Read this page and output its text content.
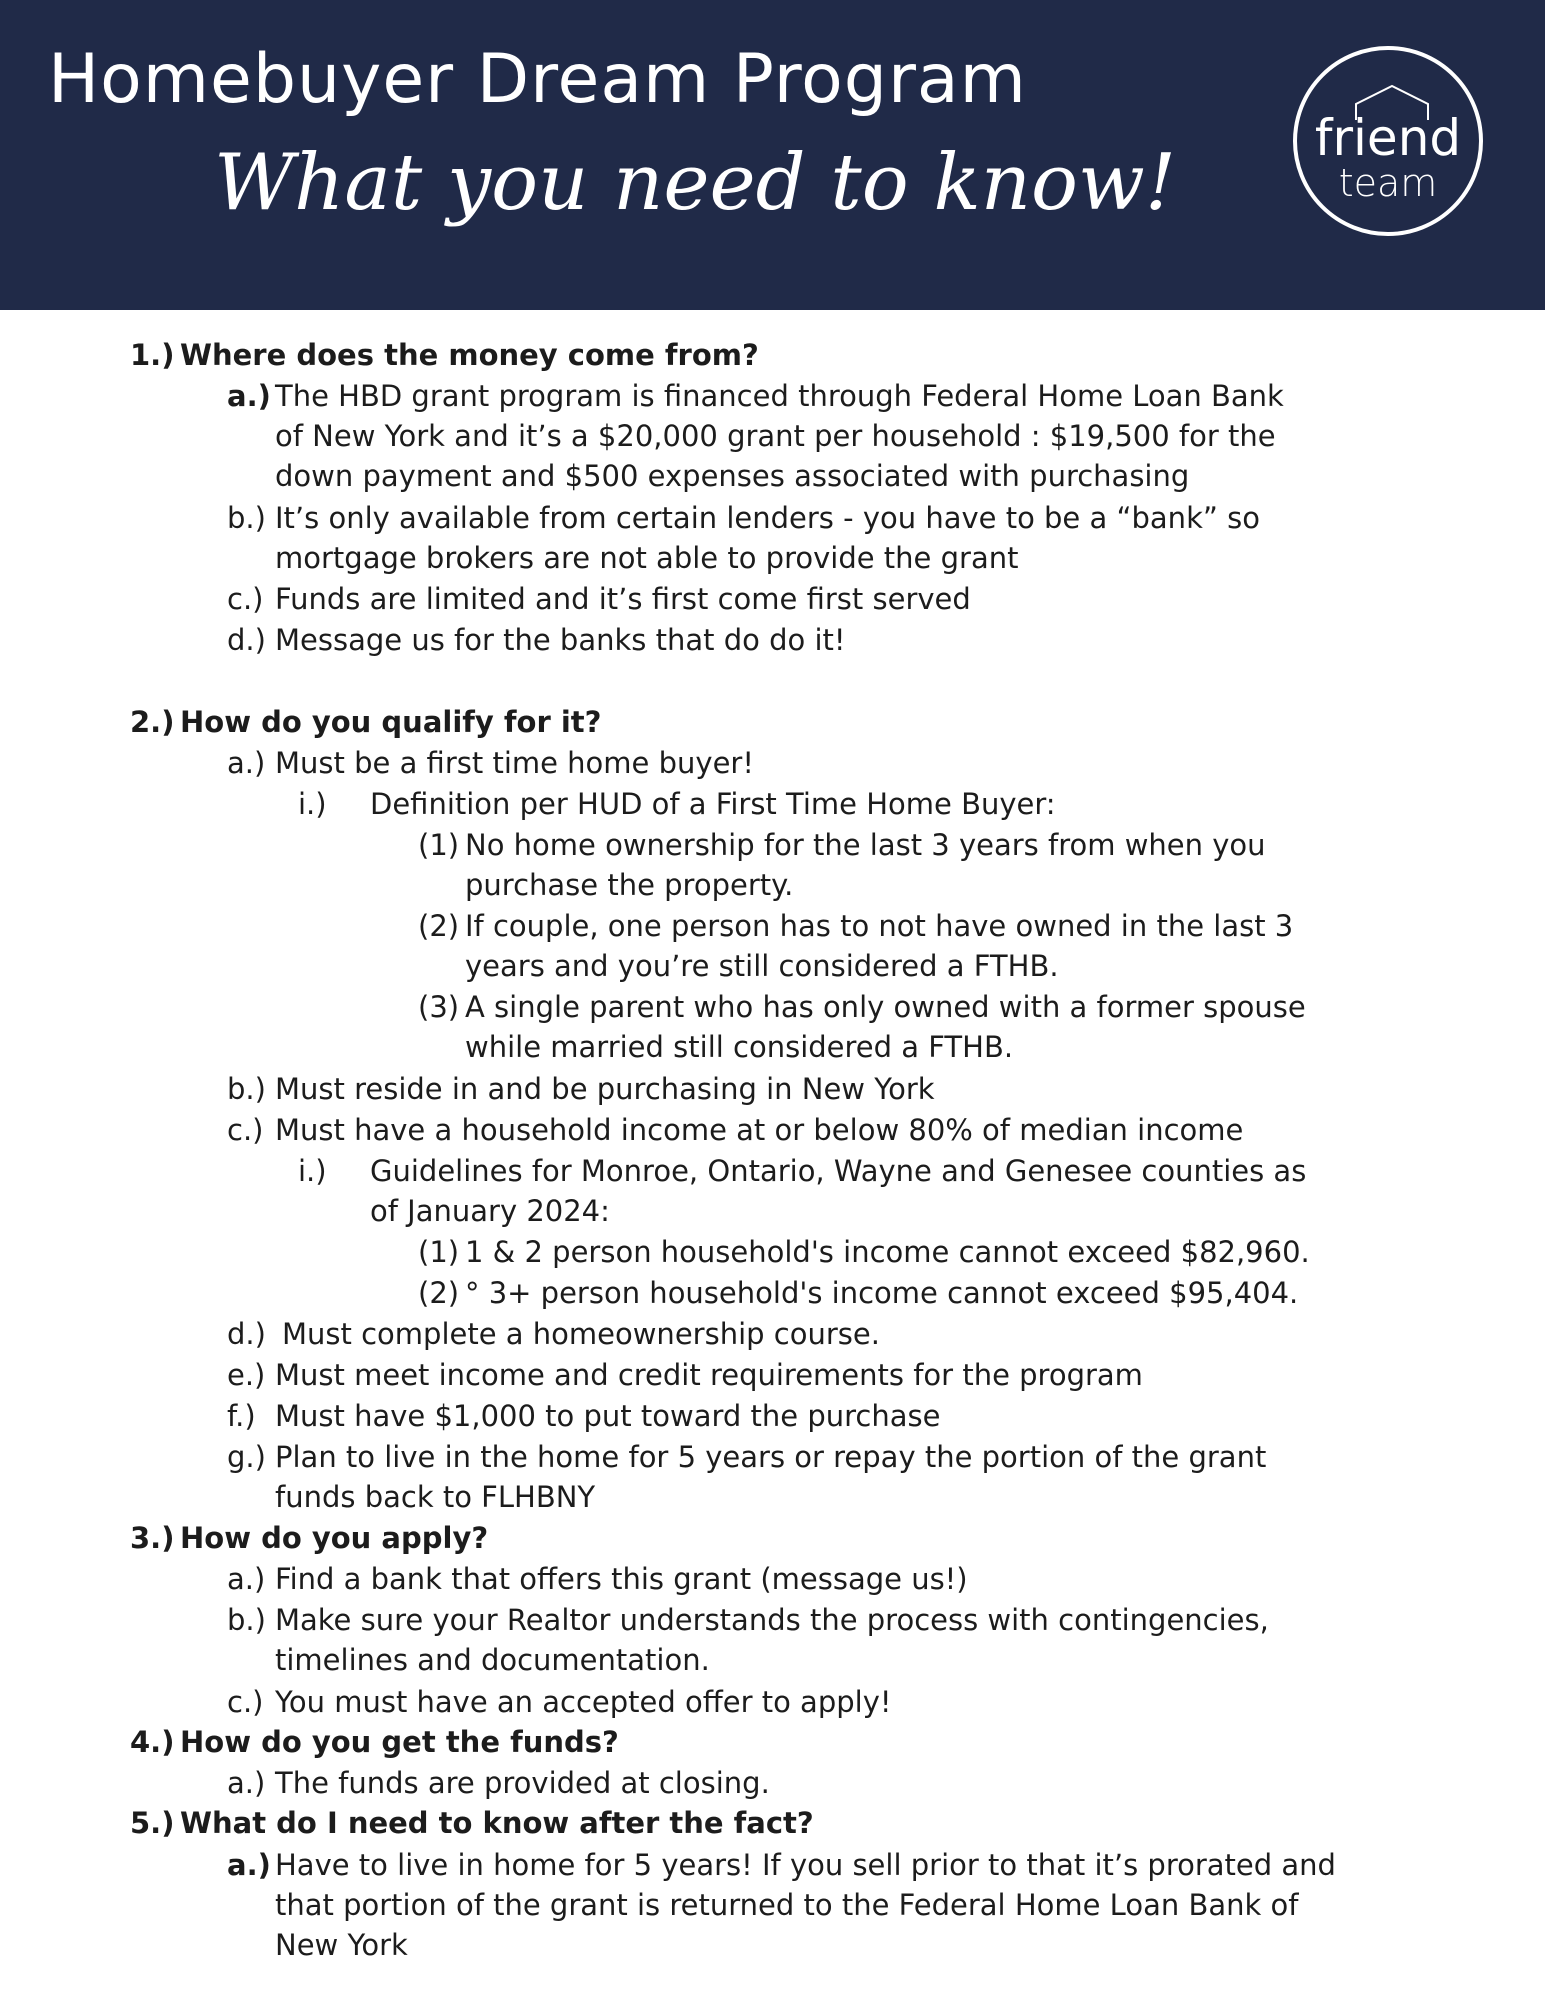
Homebuyer Dream Program
What you need to know!	friend
team
1.) Where does the money come from?
a.) The HBD grant program is financed through Federal Home Loan Bank
of New York and it’s a $20,000 grant per household : $19,500 for the
down payment and $500 expenses associated with purchasing
b.) It’s only available from certain lenders - you have to be a “bank” so
mortgage brokers are not able to provide the grant
c.) Funds are limited and it’s first come first served
d.) Message us for the banks that do do it!
2.) How do you qualify for it?
a.) Must be a first time home buyer!
i.) Definition per HUD of a First Time Home Buyer:
(1) No home ownership for the last 3 years from when you
purchase the property.
(2) If couple, one person has to not have owned in the last 3
years and you’re still considered a FTHB.
(3) A single parent who has only owned with a former spouse
while married still considered a FTHB.
b.) Must reside in and be purchasing in New York
c.) Must have a household income at or below 80% of median income
i.) Guidelines for Monroe, Ontario, Wayne and Genesee counties as
of January 2024:
(1) 1 & 2 person household's income cannot exceed $82,960.
(2) ° 3+ person household's income cannot exceed $95,404.
d.) Must complete a homeownership course.
e.) Must meet income and credit requirements for the program
f.) Must have $1,000 to put toward the purchase
g.) Plan to live in the home for 5 years or repay the portion of the grant
funds back to FLHBNY
3.) How do you apply?
a.) Find a bank that offers this grant (message us!)
b.) Make sure your Realtor understands the process with contingencies,
timelines and documentation.
c.) You must have an accepted offer to apply!
4.) How do you get the funds?
a.) The funds are provided at closing.
5.) What do I need to know after the fact?
a.) Have to live in home for 5 years! If you sell prior to that it’s prorated and
that portion of the grant is returned to the Federal Home Loan Bank of
New York
